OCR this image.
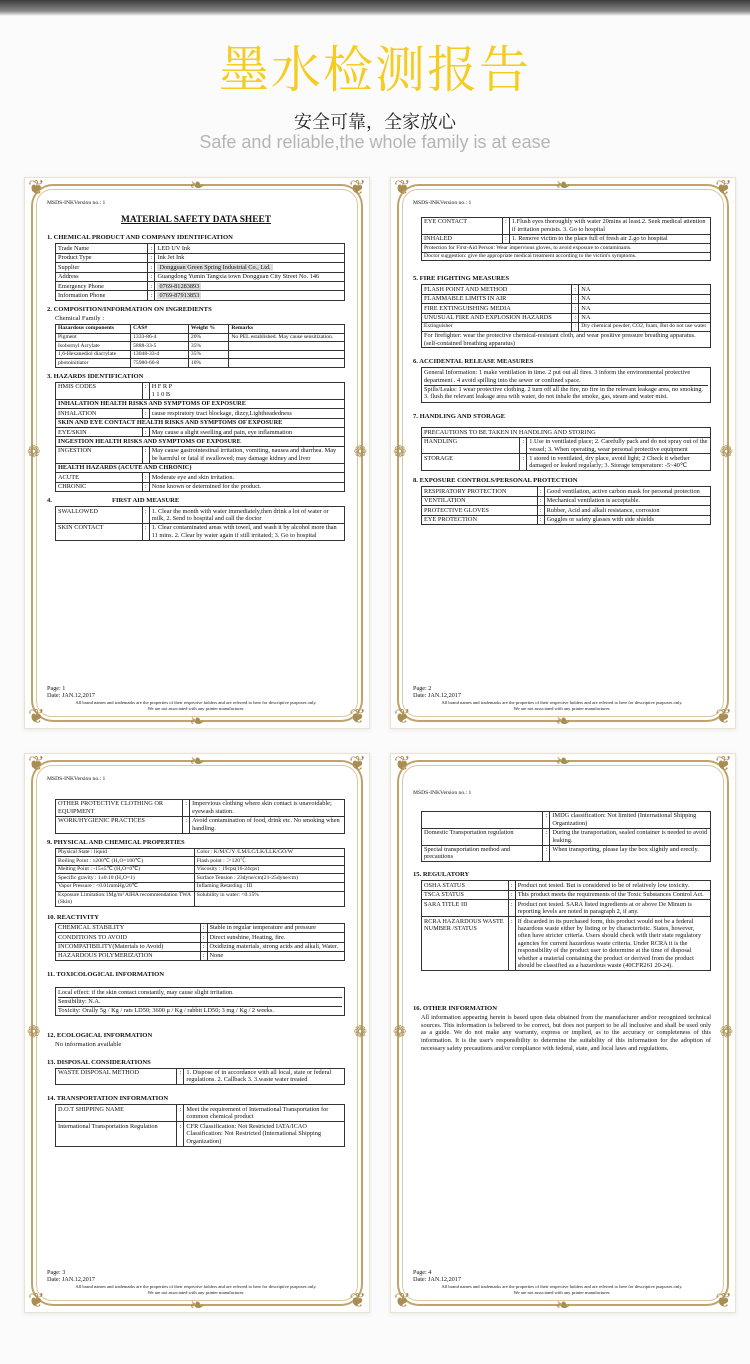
墨水检测报告
安全可靠，全家放心
Safe and reliable,the whole family is at ease
❦	❦
❦	❦
❧
❧
❁	❁
MSDS-INKVersion no.: 1
MATERIAL SAFETY DATA SHEET
1. CHEMICAL PRODUCT AND COMPANY IDENTIFICATION
Trade Name	:	LED UV Ink
Product Type	:	Ink Jet Ink
Supplier	:	Dongguan Green Spring Industrial Co., Ltd.
Address	:	Guangdong Yumin Tangxia town Dongguan City Street No. 146
Emergency Phone	:	0769-81283893
Information Phone	:	0769-87913853
2. COMPOSITION/INFORMATION ON INGREDIENTS
Chemical Family :
Hazardous components	CAS#	Weight %	Remarks
Pigment	1333-86-4	20%	No PEL established. May cause sensitization.
Isobornyl Acrylate	5888-33-5	35%	
1,6-Hexanediol diacrylate	13048-33-4	35%	
photoinitiator	75980-60-8	10%	
3. HAZARDS IDENTIFICATION
HMIS CODES	:	H F R P
1 1 0 B

INHALATION HEALTH RISKS AND SYMPTOMS OF EXPOSURE		
INHALATION	:	cause respiratory tract blockage, dizzy,Lightheadedness
SKIN AND EYE CONTACT HEALTH RISKS AND SYMPTOMS OF EXPOSURE		
EYE/SKIN	:	May cause a slight swelling and pain, eye inflammation
INGESTION HEALTH RISKS AND SYMPTOMS OF EXPOSURE		
INGESTION	:	May cause gastrointestinal irritation, vomiting, nausea and diarrhea. May be harmful or fatal if swallowed; may damage kidney and liver
HEALTH HAZARDS (ACUTE AND CHRONIC)		
ACUTE	:	Moderate eye and skin irritation.
CHRONIC	:	None known or determined for the product.
4.	FIRST AID MEASURE
SWALLOWED	:	1. Clear the month with water immediately,then drink a lot of water or milk, 2. Send to hospital and call the doctor
SKIN CONTACT	:	1. Clear contaminated areas with towel, and wash it by alcohol more than 11 mins. 2. Clear by water again if still irritated; 3. Go to hospital
Page: 1
Date: JAN.12,2017
All brand names and trademarks are the properties of their respective holders and are referred to here for descriptive purposes only.
We are not associated with any printer manufacturer.
❦	❦
❦	❦
❧
❧
❁	❁
MSDS-INKVersion no.: 1
EYE CONTACT	:	1.Flush eyes thoroughly with water 20mins at least.2. Seek medical attention if irritation persists. 3. Go to hospital
INHALED	:	1. Remove victim to the place full of fresh air 2.go to hospital
Protection for First-Aid Person: Wear impervious gloves, to avoid exposure to contaminants.		
Doctor suggestion: give the appropriate medical treatment according to the victim's symptoms.		
5. FIRE FIGHTING MEASURES
FLASH POINT AND METHOD	:	NA
FLAMMABLE LIMITS IN AIR	:	NA
FIRE EXTINGUISHING MEDIA	:	NA
UNUSUAL FIRE AND EXPLOSION HAZARDS	:	NA
Extinguisher	:	Dry chemical powder, CO2, foam, But do not use water
For firefighter: wear the protective chemical-resistant cloth, and wear positive pressure breathing apparatus. (self-contained breathing apparatus)		
6. ACCIDENTAL RELEASE MEASURES
General Information: 1 make ventilation in time. 2 put out all fires. 3 inform the environmental protective department . 4 avoid spilling into the sewer or confined space.
Spills/Leaks: 1 wear protective clothing. 2 turn off all the fire, no fire in the relevant leakage area, no smoking. 3. flush the relevant leakage area with water, do not inhale the smoke, gas, steam and water mist.
7. HANDLING AND STORAGE
PRECAUTIONS TO BE TAKEN IN HANDLING AND STORING		
HANDLING	:	1.Use in ventilated place; 2. Carefully pack and do not spray out of the vessel; 3. When operating, wear personal protective equipment
STORAGE	:	1 stored in ventilated, dry place, avoid light; 2 Check it whether damaged or leaked regularly; 3. Storage temperature: -5~40℃
8. EXPOSURE CONTROLS/PERSONAL PROTECTION
RESPIRATORY PROTECTION	:	Good ventilation, active carbon mask for personal protection
VENTILATION	:	Mechanical ventilation is acceptable.
PROTECTIVE GLOVES	:	Rubber, Acid and alkali resistance, corrosion
EYE PROTECTION	:	Goggles or safety glasses with side shields
Page: 2
Date: JAN.12,2017
All brand names and trademarks are the properties of their respective holders and are referred to here for descriptive purposes only.
We are not associated with any printer manufacturer.
❦	❦
❦	❦
❧
❧
❁	❁
MSDS-INKVersion no.: 1
OTHER PROTECTIVE CLOTHING OR EQUIPMENT	:	Impervious clothing where skin contact is unavoidable; eyewash station.
WORK/HYGIENIC PRACTICES	:	Avoid contamination of food, drink etc. No smoking when handling.
9. PHYSICAL AND CHEMICAL PROPERTIES
Physical State : liquid	Color : K/M/C/Y /LM/LC/LK/LLK/GO/W
Boiling Point : ≥200℃ (H₂O=100℃)	Flash point : ＞120℃
Melting Point : -15±5℃ (H₂O=0℃)	Viscosity : 19cps(16-24cps)
Specific gravity : 1±0.10 (H₂O=1)	Surface Tension : 23dyne/cm(21-25dyne/cm)
Vapor Pressure : <0.01mmHg/20℃	Inflaming Retarding : III
Exposure Limitation:1Mg/m³ AIHA recommendation TWA (Skin)	Solubility in water: <0.15%
10. REACTIVITY
CHEMICAL STABILITY	:	Stable in regular temperature and pressure
CONDITIONS TO AVOID	:	Direct sunshine, Heating, fire.
INCOMPATIBILITY(Materials to Avoid)	:	Oxidizing materials, strong acids and alkali, Water.
HAZARDOUS POLYMERIZATION	:	None
11. TOXICOLOGICAL INFORMATION
Local effect: if the skin contact constantly, may cause slight irritation.
Sensibility: N.A.
Toxicity: Orally 5g / Kg / rats LD50; 3600 μ / Kg / rabbit LD50; 3 mg / Kg / 2 weeks.
12. ECOLOGICAL INFORMATION
No information available
13. DISPOSAL CONSIDERATIONS
WASTE DISPOSAL METHOD	:	1. Dispose of in accordance with all local, state or federal regulations. 2. Callback 3. 3.waste water treated
14. TRANSPORTATION INFORMATION
D.O.T SHIPPING NAME	:	Meet the requirement of International Transportation for common chemical product
International Transportation Regulation	:	CFR Classification: Not Restricted IATA/ICAO Classification: Not Restricted (International Shipping Organization)
Page: 3
Date: JAN.12,2017
All brand names and trademarks are the properties of their respective holders and are referred to here for descriptive purposes only.
We are not associated with any printer manufacturer.
❦	❦
❦	❦
❧
❧
❁	❁
MSDS-INKVersion no.: 1
	:	IMDG classification: Not limited (International Shipping Organization)
Domestic Transportation regulation	:	During the transportation, sealed container is needed to avoid leaking.
Special transportation method and precautions	:	When transporting, please lay the box slightly and erectly.
15. REGULATORY
OSHA STATUS	:	Product not tested. But is considered to be of relatively low toxicity.
TSCA STATUS	:	This product meets the requirements of the Toxic Substances Control Act.
SARA TITLE III	:	Product not tested. SARA listed ingredients at or above De Minum is reporting levels are noted in paragraph 2, if any.
RCRA HAZARDOUS WASTE NUMBER /STATUS	:	If discarded in its purchased form, this product would not be a federal hazardous waste either by listing or by characteristic. States, however, often have stricter criteria. Users should check with their state regulatory agencies for current hazardous waste criteria. Under RCRA it is the responsibility of the product user to determine at the time of disposal whether a material containing the product or derived from the product should be classified as a hazardous waste (40CFR261 20-24).
16. OTHER INFORMATION
All information appearing herein is based upon data obtained from the manufacturer and/or recognized technical sources. This information is believed to be correct, but does not purport to be all inclusive and shall be used only as a guide. We do not make any warranty, express or implied, as to the accuracy or completeness of this information. It is the user's responsibility to determine the suitability of this information for the adoption of necessary safety precautions and/or compliance with federal, state, and local laws and regulations.
Page: 4
Date: JAN.12,2017
All brand names and trademarks are the properties of their respective holders and are referred to here for descriptive purposes only.
We are not associated with any printer manufacturer.
